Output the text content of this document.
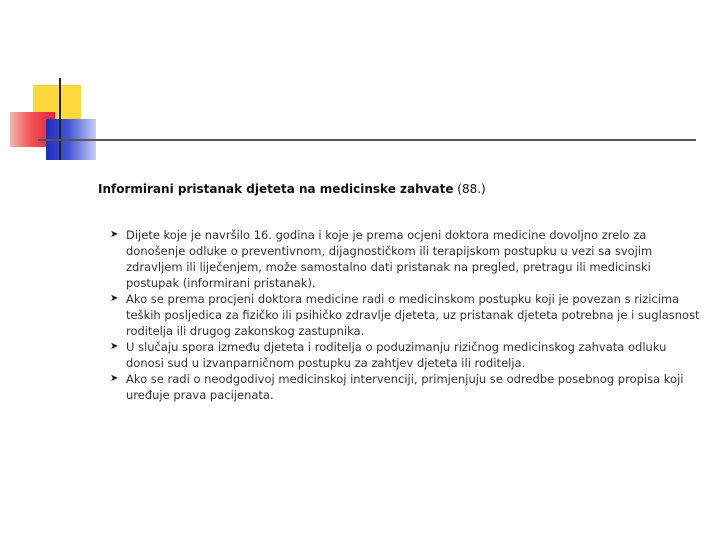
Informirani pristanak djeteta na medicinske zahvate (88.)
➤ Dijete koje je navršilo 16. godina i koje je prema ocjeni doktora medicine dovoljno zrelo za donošenje odluke o preventivnom, dijagnostičkom ili terapijskom postupku u vezi sa svojim zdravljem ili liječenjem, može samostalno dati pristanak na pregled, pretragu ili medicinski postupak (informirani pristanak).
➤ Ako se prema procjeni doktora medicine radi o medicinskom postupku koji je povezan s rizicima teških posljedica za fizičko ili psihičko zdravlje djeteta, uz pristanak djeteta potrebna je i suglasnost roditelja ili drugog zakonskog zastupnika.
➤ U slučaju spora između djeteta i roditelja o poduzimanju rizičnog medicinskog zahvata odluku donosi sud u izvanparničnom postupku za zahtjev djeteta ili roditelja.
➤ Ako se radi o neodgodivoj medicinskoj intervenciji, primjenjuju se odredbe posebnog propisa koji uređuje prava pacijenata.
